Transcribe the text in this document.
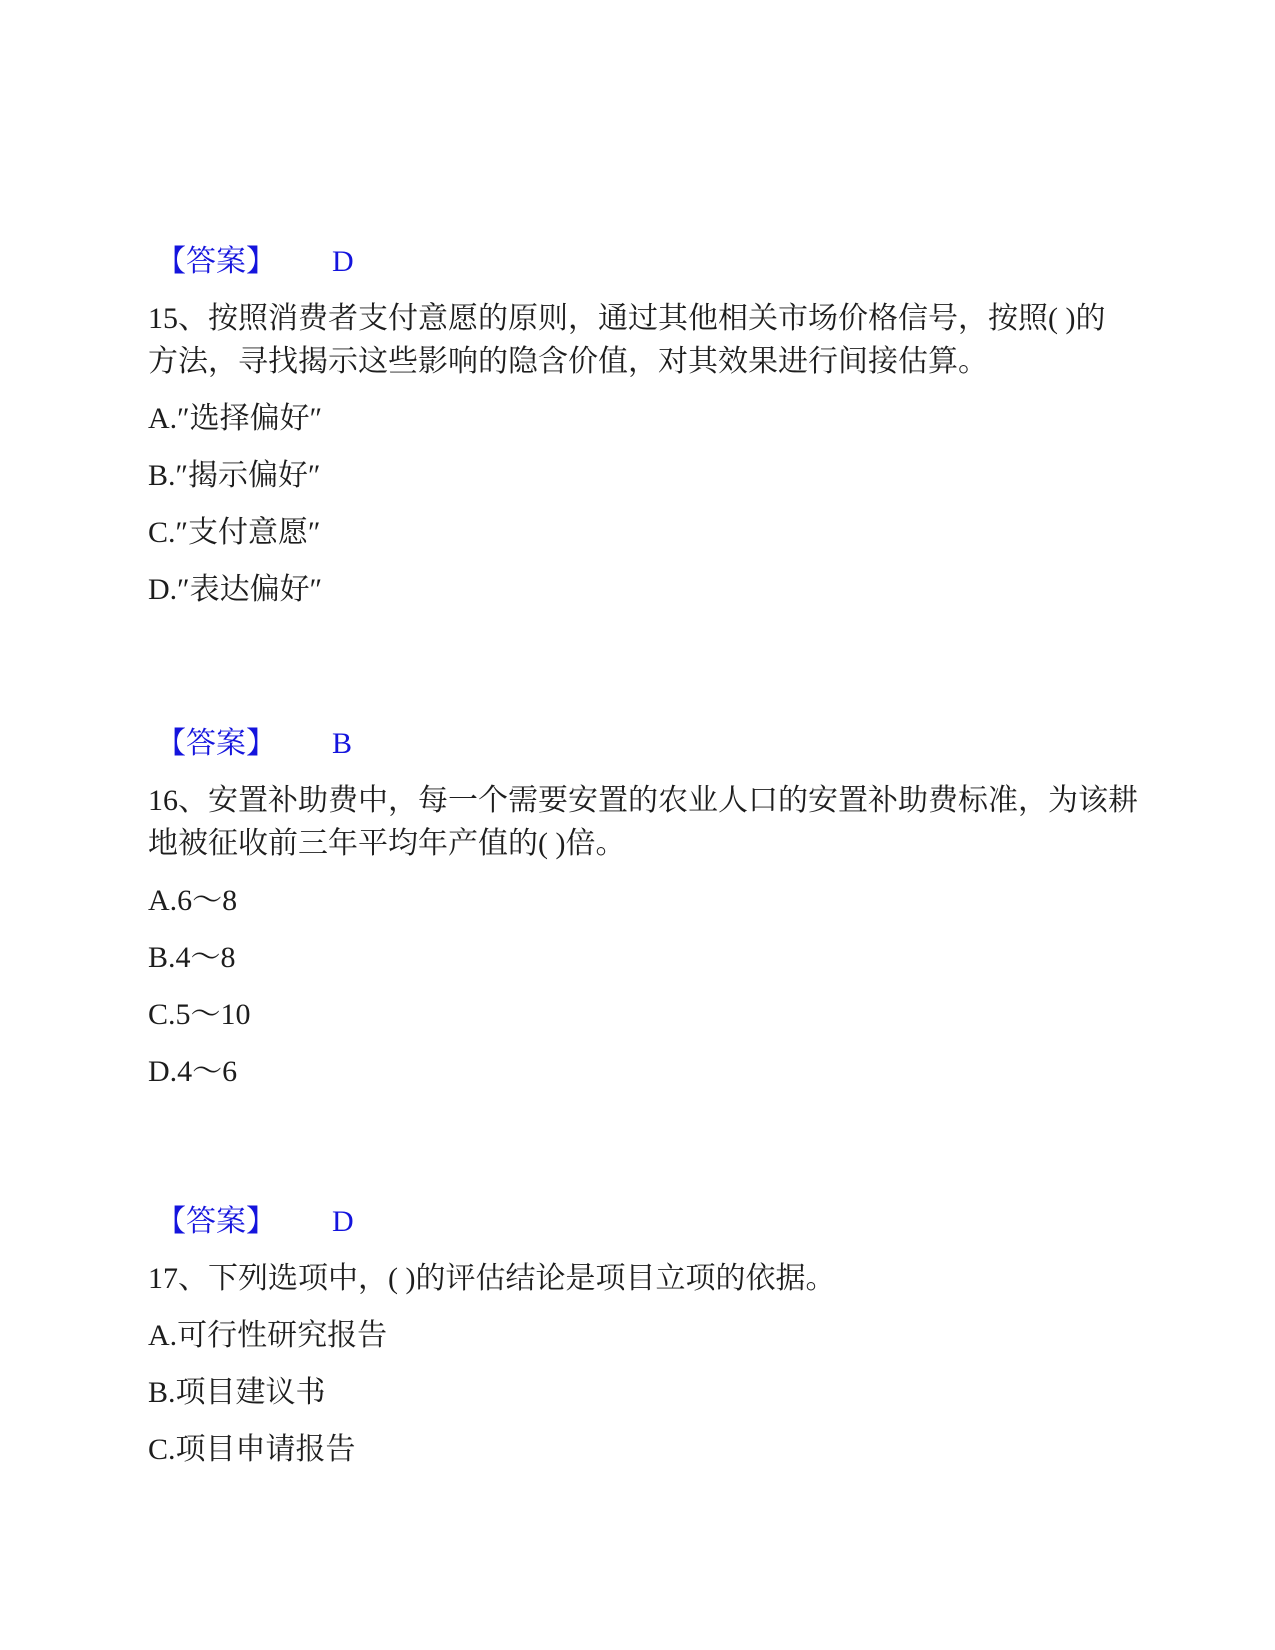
【答案】 D
15、按照消费者支付意愿的原则，通过其他相关市场价格信号，按照( )的
方法，寻找揭示这些影响的隐含价值，对其效果进行间接估算。
A.″选择偏好″
B.″揭示偏好″
C.″支付意愿″
D.″表达偏好″
【答案】 B
16、安置补助费中，每一个需要安置的农业人口的安置补助费标准，为该耕
地被征收前三年平均年产值的( )倍。
A.6～8
B.4～8
C.5～10
D.4～6
【答案】 D
17、下列选项中，( )的评估结论是项目立项的依据。
A.可行性研究报告
B.项目建议书
C.项目申请报告
